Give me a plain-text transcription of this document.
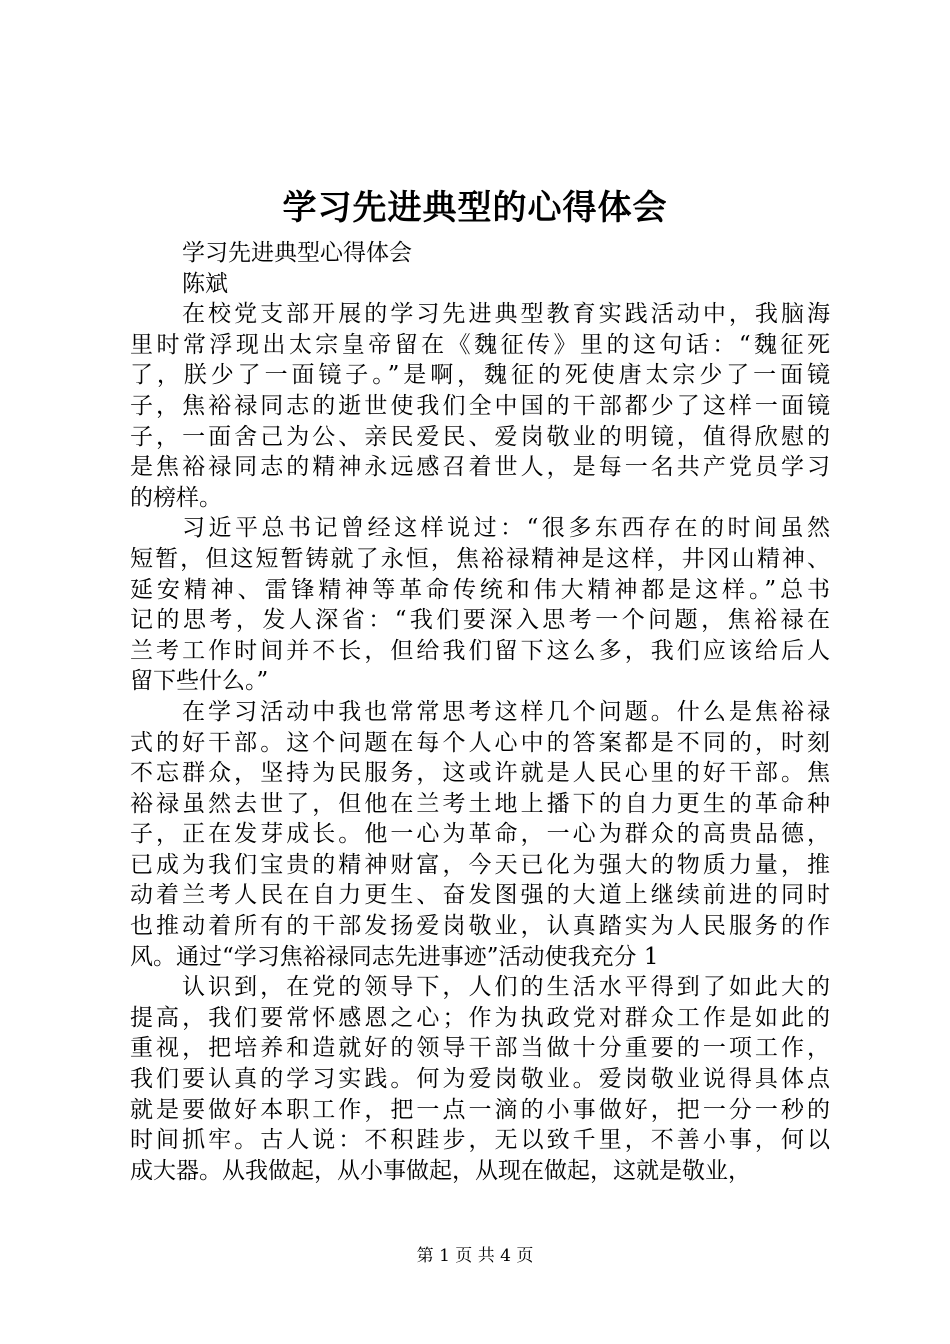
学习先进典型的心得体会
学习先进典型心得体会
陈斌
在校党支部开展的学习先进典型教育实践活动中，我脑海
里时常浮现出太宗皇帝留在《魏征传》里的这句话：“魏征死
了，朕少了一面镜子。”是啊，魏征的死使唐太宗少了一面镜
子，焦裕禄同志的逝世使我们全中国的干部都少了这样一面镜
子，一面舍己为公、亲民爱民、爱岗敬业的明镜，值得欣慰的
是焦裕禄同志的精神永远感召着世人，是每一名共产党员学习
的榜样。
习近平总书记曾经这样说过：“很多东西存在的时间虽然
短暂，但这短暂铸就了永恒，焦裕禄精神是这样，井冈山精神、
延安精神、雷锋精神等革命传统和伟大精神都是这样。”总书
记的思考，发人深省：“我们要深入思考一个问题，焦裕禄在
兰考工作时间并不长，但给我们留下这么多，我们应该给后人
留下些什么。”
在学习活动中我也常常思考这样几个问题。什么是焦裕禄
式的好干部。这个问题在每个人心中的答案都是不同的，时刻
不忘群众，坚持为民服务，这或许就是人民心里的好干部。焦
裕禄虽然去世了，但他在兰考土地上播下的自力更生的革命种
子，正在发芽成长。他一心为革命，一心为群众的高贵品德，
已成为我们宝贵的精神财富，今天已化为强大的物质力量，推
动着兰考人民在自力更生、奋发图强的大道上继续前进的同时
也推动着所有的干部发扬爱岗敬业，认真踏实为人民服务的作
风。通过“学习焦裕禄同志先进事迹”活动使我充分 1
认识到，在党的领导下，人们的生活水平得到了如此大的
提高，我们要常怀感恩之心；作为执政党对群众工作是如此的
重视，把培养和造就好的领导干部当做十分重要的一项工作，
我们要认真的学习实践。何为爱岗敬业。爱岗敬业说得具体点
就是要做好本职工作，把一点一滴的小事做好，把一分一秒的
时间抓牢。古人说：不积跬步，无以致千里，不善小事，何以
成大器。从我做起，从小事做起，从现在做起，这就是敬业，
第 1 页 共 4 页
